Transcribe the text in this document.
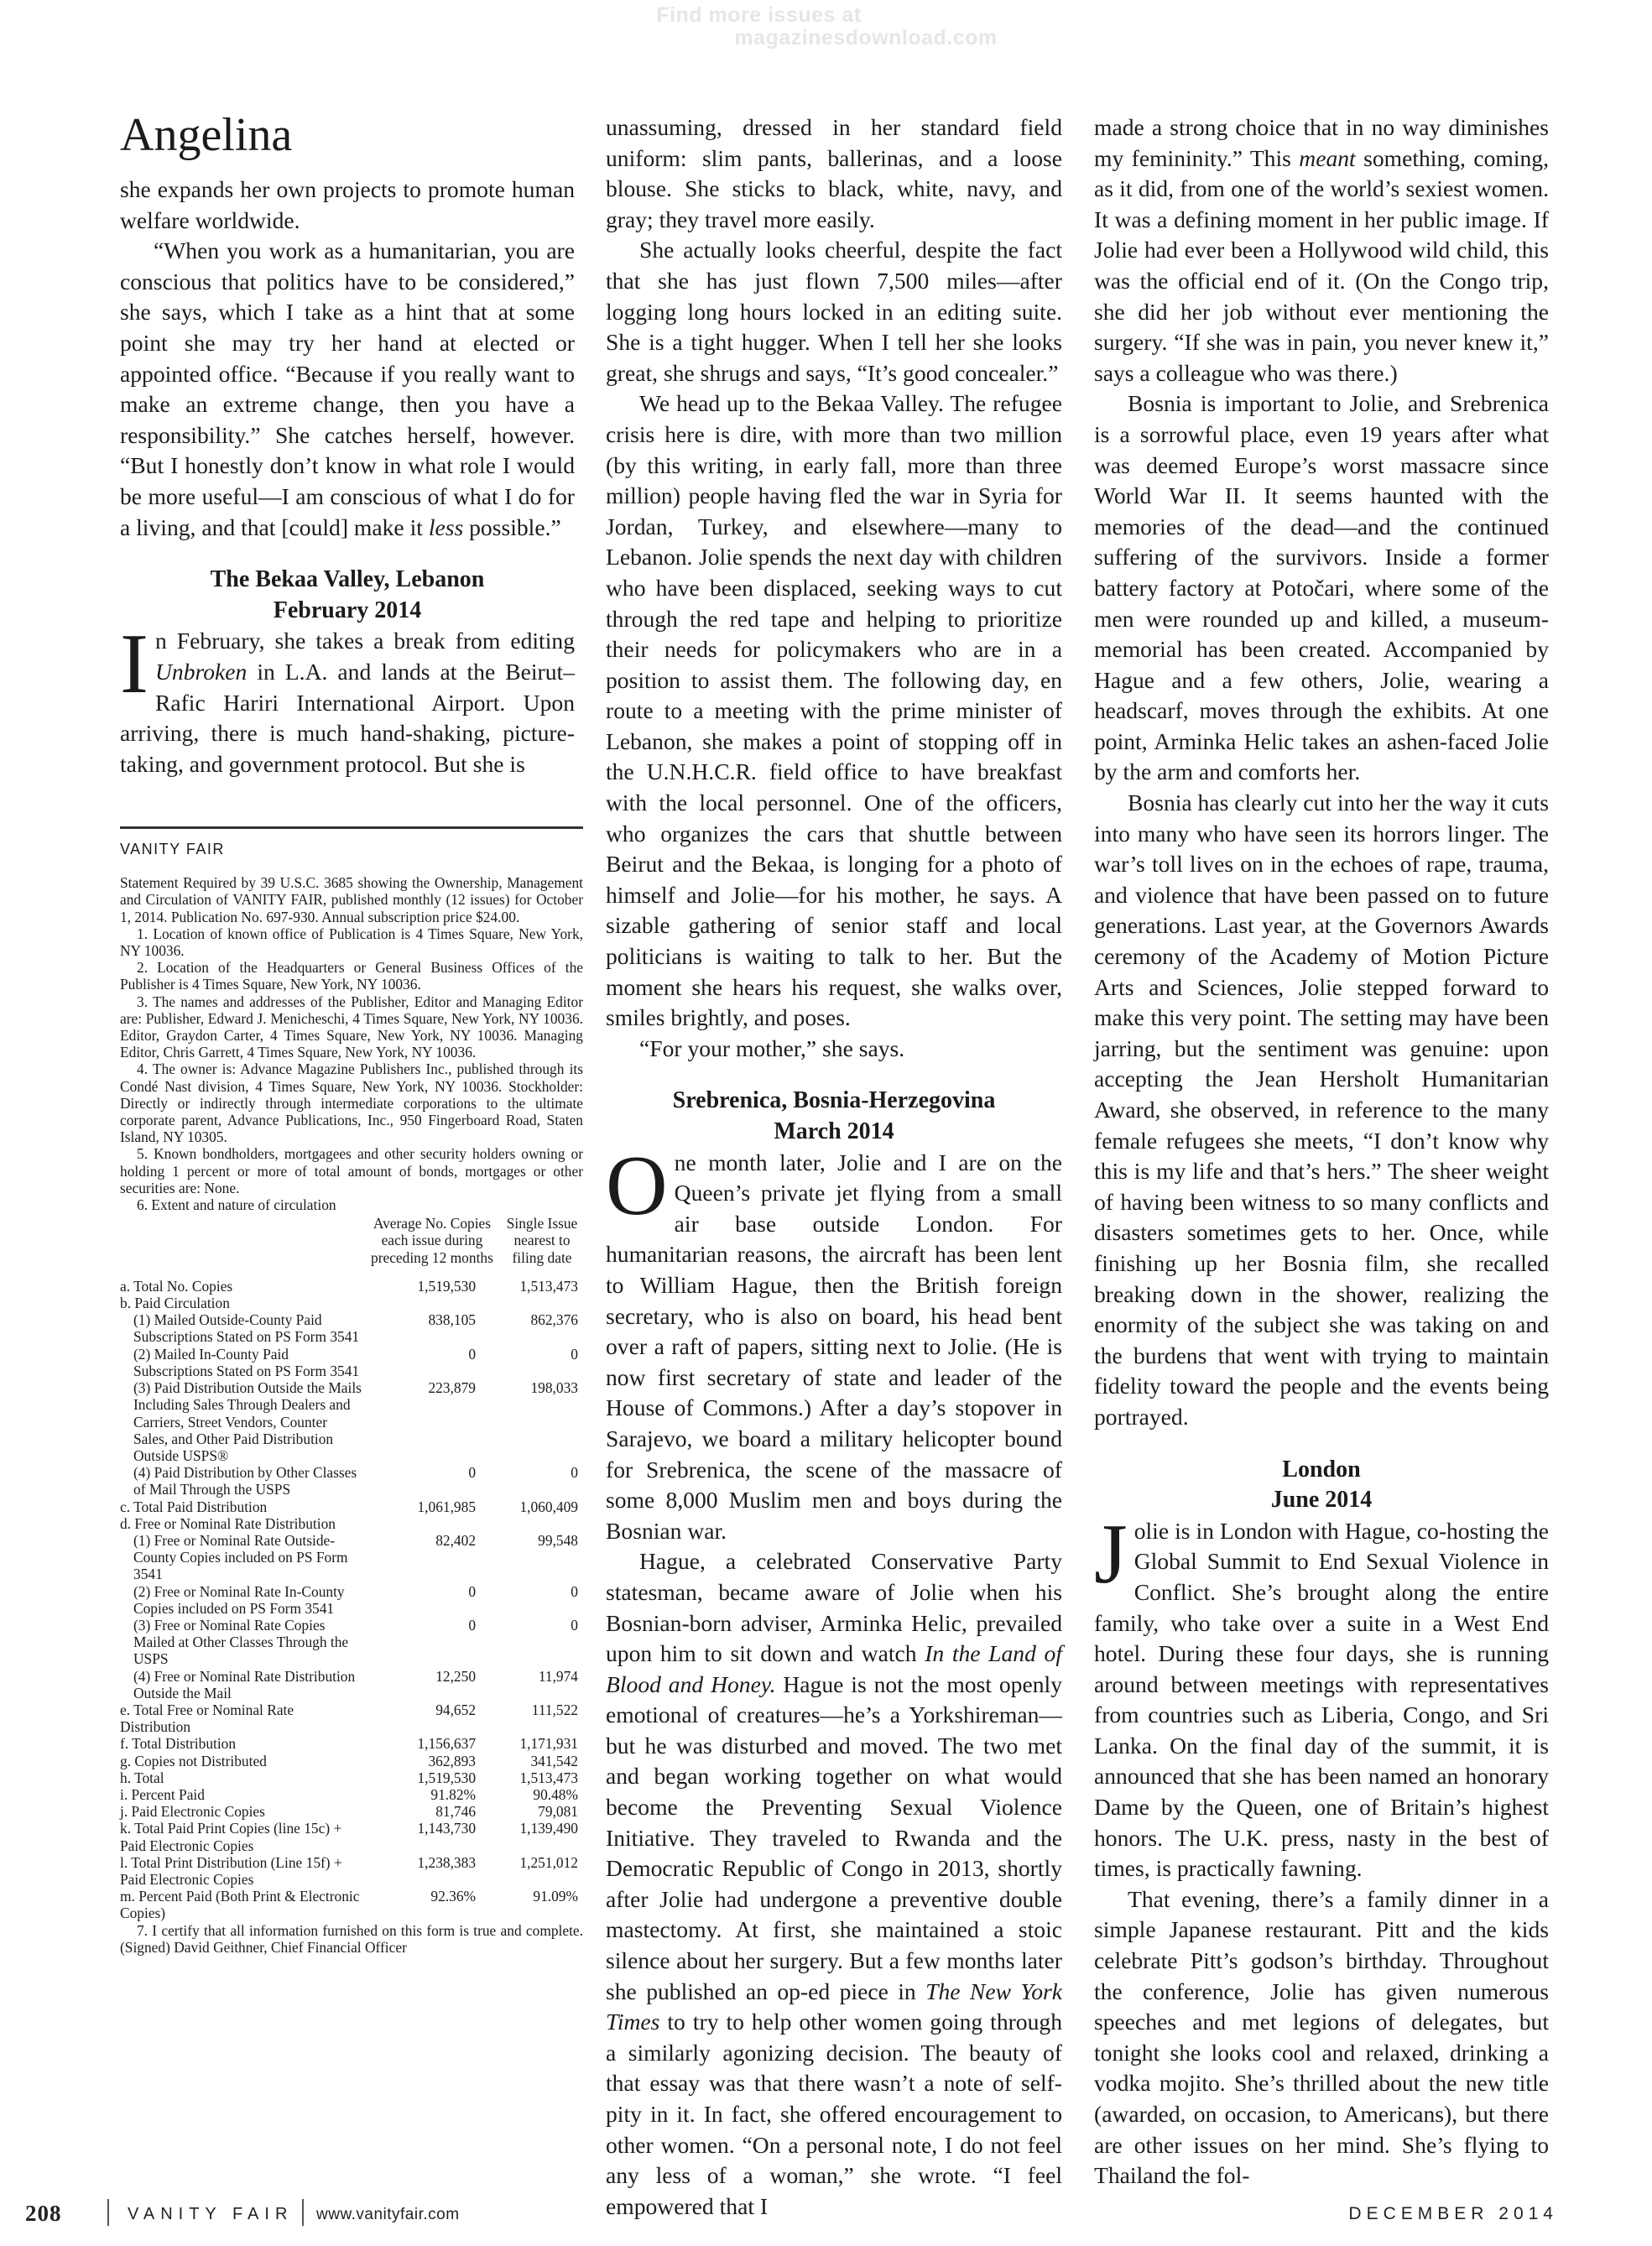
Find more issues at
magazinesdownload.com
Angelina

she expands her own projects to promote human welfare worldwide.

“When you work as a humanitarian, you are conscious that politics have to be considered,” she says, which I take as a hint that at some point she may try her hand at elected or appointed office. “Because if you really want to make an extreme change, then you have a responsibility.” She catches herself, however. “But I honestly don’t know in what role I would be more useful—I am conscious of what I do for a living, and that [could] make it less possible.”

The Bekaa Valley, Lebanon
February 2014

In February, she takes a break from editing Unbroken in L.A. and lands at the Beirut–Rafic Hariri International Airport. Upon arriving, there is much hand-shaking, picture-taking, and government protocol. But she is

VANITY FAIR

Statement Required by 39 U.S.C. 3685 showing the Ownership, Management and Circulation of VANITY FAIR, published monthly (12 issues) for October 1, 2014. Publication No. 697-930. Annual subscription price $24.00.

1. Location of known office of Publication is 4 Times Square, New York, NY 10036.

2. Location of the Headquarters or General Business Offices of the Publisher is 4 Times Square, New York, NY 10036.

3. The names and addresses of the Publisher, Editor and Managing Editor are: Publisher, Edward J. Menicheschi, 4 Times Square, New York, NY 10036. Editor, Graydon Carter, 4 Times Square, New York, NY 10036. Managing Editor, Chris Garrett, 4 Times Square, New York, NY 10036.

4. The owner is: Advance Magazine Publishers Inc., published through its Condé Nast division, 4 Times Square, New York, NY 10036. Stockholder: Directly or indirectly through intermediate corporations to the ultimate corporate parent, Advance Publications, Inc., 950 Fingerboard Road, Staten Island, NY 10305.

5. Known bondholders, mortgagees and other security holders owning or holding 1 percent or more of total amount of bonds, mortgages or other securities are: None.

6. Extent and nature of circulation

	Average No. Copies each issue during preceding 12 months	Single Issue nearest to filing date
a. Total No. Copies	1,519,530	1,513,473
b. Paid Circulation		
(1) Mailed Outside-County Paid Subscriptions Stated on PS Form 3541	838,105	862,376
(2) Mailed In-County Paid Subscriptions Stated on PS Form 3541	0	0
(3) Paid Distribution Outside the Mails Including Sales Through Dealers and Carriers, Street Vendors, Counter Sales, and Other Paid Distribution Outside USPS®	223,879	198,033
(4) Paid Distribution by Other Classes of Mail Through the USPS	0	0
c. Total Paid Distribution	1,061,985	1,060,409
d. Free or Nominal Rate Distribution		
(1) Free or Nominal Rate Outside-County Copies included on PS Form 3541	82,402	99,548
(2) Free or Nominal Rate In-County Copies included on PS Form 3541	0	0
(3) Free or Nominal Rate Copies Mailed at Other Classes Through the USPS	0	0
(4) Free or Nominal Rate Distribution Outside the Mail	12,250	11,974
e. Total Free or Nominal Rate Distribution	94,652	111,522
f. Total Distribution	1,156,637	1,171,931
g. Copies not Distributed	362,893	341,542
h. Total	1,519,530	1,513,473
i. Percent Paid	91.82%	90.48%
j. Paid Electronic Copies	81,746	79,081
k. Total Paid Print Copies (line 15c) + Paid Electronic Copies	1,143,730	1,139,490
l. Total Print Distribution (Line 15f) + Paid Electronic Copies	1,238,383	1,251,012
m. Percent Paid (Both Print & Electronic Copies)	92.36%	91.09%

7. I certify that all information furnished on this form is true and complete. (Signed) David Geithner, Chief Financial Officer

unassuming, dressed in her standard field uniform: slim pants, ballerinas, and a loose blouse. She sticks to black, white, navy, and gray; they travel more easily.

She actually looks cheerful, despite the fact that she has just flown 7,500 miles—after logging long hours locked in an editing suite. She is a tight hugger. When I tell her she looks great, she shrugs and says, “It’s good concealer.”

We head up to the Bekaa Valley. The refugee crisis here is dire, with more than two million (by this writing, in early fall, more than three million) people having fled the war in Syria for Jordan, Turkey, and elsewhere—many to Lebanon. Jolie spends the next day with children who have been displaced, seeking ways to cut through the red tape and helping to prioritize their needs for policymakers who are in a position to assist them. The following day, en route to a meeting with the prime minister of Lebanon, she makes a point of stopping off in the U.N.H.C.R. field office to have breakfast with the local personnel. One of the officers, who organizes the cars that shuttle between Beirut and the Bekaa, is longing for a photo of himself and Jolie—for his mother, he says. A sizable gathering of senior staff and local politicians is waiting to talk to her. But the moment she hears his request, she walks over, smiles brightly, and poses.

“For your mother,” she says.

Srebrenica, Bosnia-Herzegovina
March 2014

One month later, Jolie and I are on the Queen’s private jet flying from a small air base outside London. For humanitarian reasons, the aircraft has been lent to William Hague, then the British foreign secretary, who is also on board, his head bent over a raft of papers, sitting next to Jolie. (He is now first secretary of state and leader of the House of Commons.) After a day’s stopover in Sarajevo, we board a military helicopter bound for Srebrenica, the scene of the massacre of some 8,000 Muslim men and boys during the Bosnian war.

Hague, a celebrated Conservative Party statesman, became aware of Jolie when his Bosnian-born adviser, Arminka Helic, prevailed upon him to sit down and watch In the Land of Blood and Honey. Hague is not the most openly emotional of creatures—he’s a Yorkshireman—but he was disturbed and moved. The two met and began working together on what would become the Preventing Sexual Violence Initiative. They traveled to Rwanda and the Democratic Republic of Congo in 2013, shortly after Jolie had undergone a preventive double mastectomy. At first, she maintained a stoic silence about her surgery. But a few months later she published an op-ed piece in The New York Times to try to help other women going through a similarly agonizing decision. The beauty of that essay was that there wasn’t a note of self-pity in it. In fact, she offered encouragement to other women. “On a personal note, I do not feel any less of a woman,” she wrote. “I feel empowered that I

made a strong choice that in no way diminishes my femininity.” This meant something, coming, as it did, from one of the world’s sexiest women. It was a defining moment in her public image. If Jolie had ever been a Hollywood wild child, this was the official end of it. (On the Congo trip, she did her job without ever mentioning the surgery. “If she was in pain, you never knew it,” says a colleague who was there.)

Bosnia is important to Jolie, and Srebrenica is a sorrowful place, even 19 years after what was deemed Europe’s worst massacre since World War II. It seems haunted with the memories of the dead—and the continued suffering of the survivors. Inside a former battery factory at Potočari, where some of the men were rounded up and killed, a museum-memorial has been created. Accompanied by Hague and a few others, Jolie, wearing a headscarf, moves through the exhibits. At one point, Arminka Helic takes an ashen-faced Jolie by the arm and comforts her.

Bosnia has clearly cut into her the way it cuts into many who have seen its horrors linger. The war’s toll lives on in the echoes of rape, trauma, and violence that have been passed on to future generations. Last year, at the Governors Awards ceremony of the Academy of Motion Picture Arts and Sciences, Jolie stepped forward to make this very point. The setting may have been jarring, but the sentiment was genuine: upon accepting the Jean Hersholt Humanitarian Award, she observed, in reference to the many female refugees she meets, “I don’t know why this is my life and that’s hers.” The sheer weight of having been witness to so many conflicts and disasters sometimes gets to her. Once, while finishing up her Bosnia film, she recalled breaking down in the shower, realizing the enormity of the subject she was taking on and the burdens that went with trying to maintain fidelity toward the people and the events being portrayed.

London
June 2014

Jolie is in London with Hague, co-hosting the Global Summit to End Sexual Violence in Conflict. She’s brought along the entire family, who take over a suite in a West End hotel. During these four days, she is running around between meetings with representatives from countries such as Liberia, Congo, and Sri Lanka. On the final day of the summit, it is announced that she has been named an honorary Dame by the Queen, one of Britain’s highest honors. The U.K. press, nasty in the best of times, is practically fawning.

That evening, there’s a family dinner in a simple Japanese restaurant. Pitt and the kids celebrate Pitt’s godson’s birthday. Throughout the conference, Jolie has given numerous speeches and met legions of delegates, but tonight she looks cool and relaxed, drinking a vodka mojito. She’s thrilled about the new title (awarded, on occasion, to Americans), but there are other issues on her mind. She’s flying to Thailand the fol-

208	VANITY FAIR www.vanityfair.com	DECEMBER 2014
